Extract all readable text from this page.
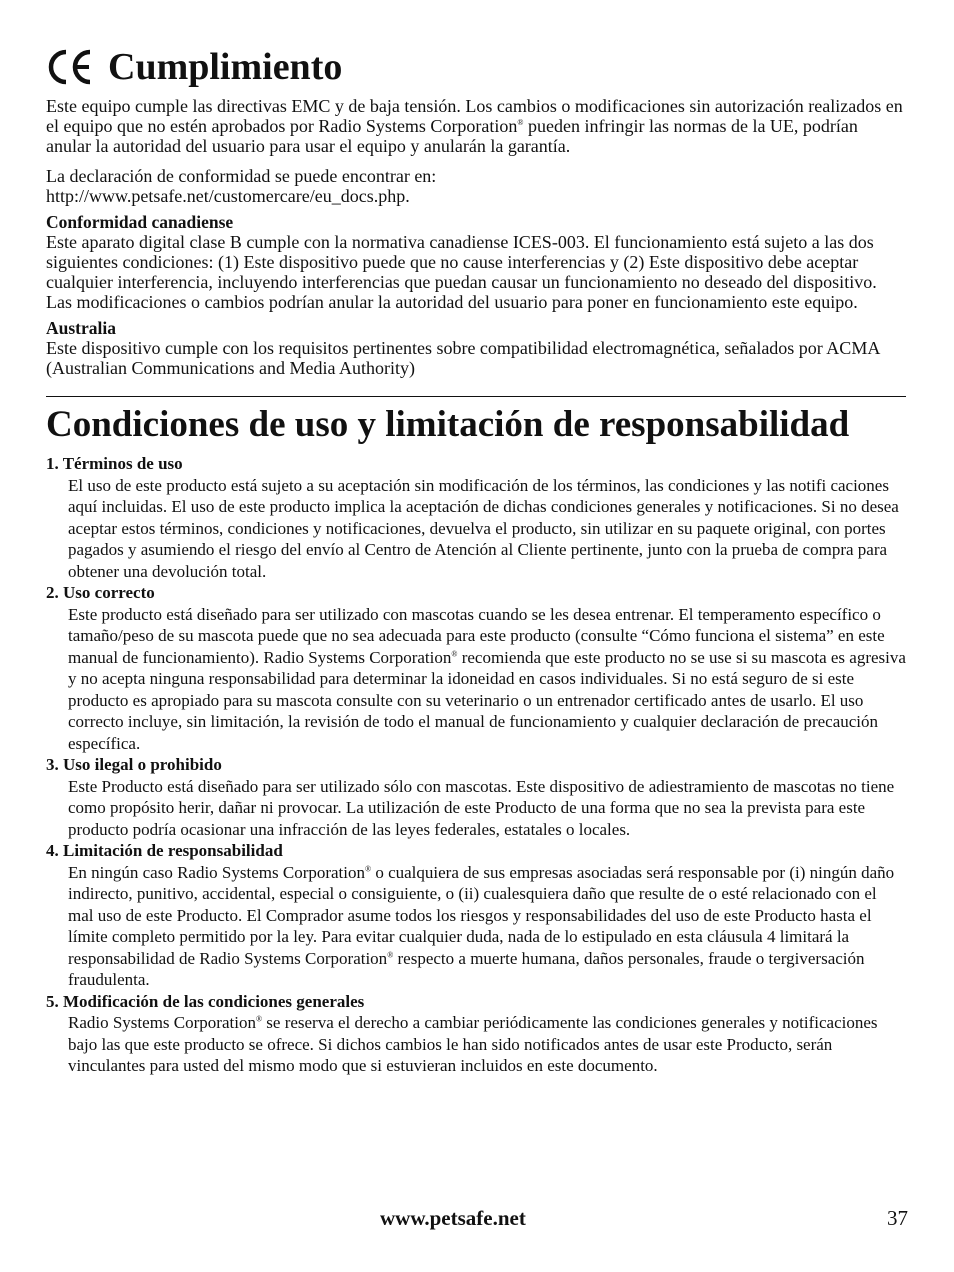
Cumplimiento

Este equipo cumple las directivas EMC y de baja tensión. Los cambios o modificaciones sin autorización realizados en el equipo que no estén aprobados por Radio Systems Corporation® pueden infringir las normas de la UE, podrían anular la autoridad del usuario para usar el equipo y anularán la garantía.

La declaración de conformidad se puede encontrar en:
http://www.petsafe.net/customercare/eu_docs.php.

Conformidad canadiense

Este aparato digital clase B cumple con la normativa canadiense ICES-003. El funcionamiento está sujeto a las dos siguientes condiciones: (1) Este dispositivo puede que no cause interferencias y (2) Este dispositivo debe aceptar cualquier interferencia, incluyendo interferencias que puedan causar un funcionamiento no deseado del dispositivo. Las modificaciones o cambios podrían anular la autoridad del usuario para poner en funcionamiento este equipo.

Australia

Este dispositivo cumple con los requisitos pertinentes sobre compatibilidad electromagnética, señalados por ACMA (Australian Communications and Media Authority)

Condiciones de uso y limitación de responsabilidad

1. Términos de uso

El uso de este producto está sujeto a su aceptación sin modificación de los términos, las condiciones y las notifi caciones aquí incluidas. El uso de este producto implica la aceptación de dichas condiciones generales y notificaciones. Si no desea aceptar estos términos, condiciones y notificaciones, devuelva el producto, sin utilizar en su paquete original, con portes pagados y asumiendo el riesgo del envío al Centro de Atención al Cliente pertinente, junto con la prueba de compra para obtener una devolución total.

2. Uso correcto

Este producto está diseñado para ser utilizado con mascotas cuando se les desea entrenar. El temperamento específico o tamaño/peso de su mascota puede que no sea adecuada para este producto (consulte “Cómo funciona el sistema” en este manual de funcionamiento). Radio Systems Corporation® recomienda que este producto no se use si su mascota es agresiva y no acepta ninguna responsabilidad para determinar la idoneidad en casos individuales. Si no está seguro de si este producto es apropiado para su mascota consulte con su veterinario o un entrenador certificado antes de usarlo. El uso correcto incluye, sin limitación, la revisión de todo el manual de funcionamiento y cualquier declaración de precaución específica.

3. Uso ilegal o prohibido

Este Producto está diseñado para ser utilizado sólo con mascotas. Este dispositivo de adiestramiento de mascotas no tiene como propósito herir, dañar ni provocar. La utilización de este Producto de una forma que no sea la prevista para este producto podría ocasionar una infracción de las leyes federales, estatales o locales.

4. Limitación de responsabilidad

En ningún caso Radio Systems Corporation® o cualquiera de sus empresas asociadas será responsable por (i) ningún daño indirecto, punitivo, accidental, especial o consiguiente, o (ii) cualesquiera daño que resulte de o esté relacionado con el mal uso de este Producto. El Comprador asume todos los riesgos y responsabilidades del uso de este Producto hasta el límite completo permitido por la ley. Para evitar cualquier duda, nada de lo estipulado en esta cláusula 4 limitará la responsabilidad de Radio Systems Corporation® respecto a muerte humana, daños personales, fraude o tergiversación fraudulenta.

5. Modificación de las condiciones generales

Radio Systems Corporation® se reserva el derecho a cambiar periódicamente las condiciones generales y notificaciones bajo las que este producto se ofrece. Si dichos cambios le han sido notificados antes de usar este Producto, serán vinculantes para usted del mismo modo que si estuvieran incluidos en este documento.

www.petsafe.net	37
